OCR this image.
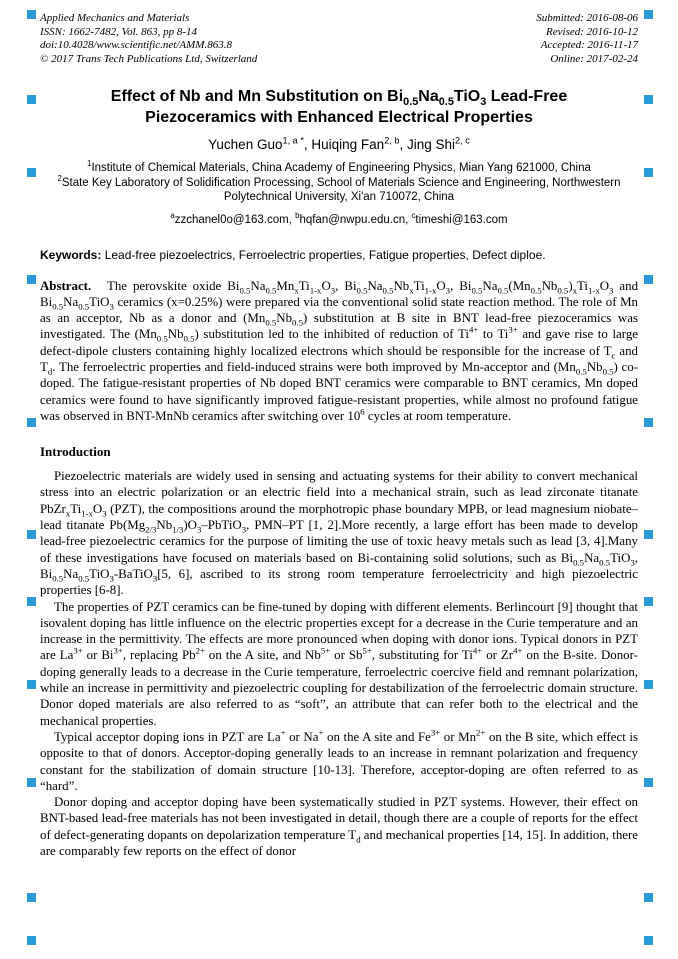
Applied Mechanics and Materials
ISSN: 1662-7482, Vol. 863, pp 8-14
doi:10.4028/www.scientific.net/AMM.863.8
© 2017 Trans Tech Publications Ltd, Switzerland
Submitted: 2016-08-06
Revised: 2016-10-12
Accepted: 2016-11-17
Online: 2017-02-24
Effect of Nb and Mn Substitution on $Bi_{0.5}Na_{0.5}TiO_3$ Lead-Free Piezoceramics with Enhanced Electrical Properties
Yuchen Guo$^{1, a *}$, Huiqing Fan$^{2, b}$, Jing Shi$^{2, c}$
$^1$Institute of Chemical Materials, China Academy of Engineering Physics, Mian Yang 621000, China
$^2$State Key Laboratory of Solidification Processing, School of Materials Science and Engineering, Northwestern Polytechnical University, Xi'an 710072, China
$^a$zzchanel0o@163.com, $^b$hqfan@nwpu.edu.cn, $^c$timeshi@163.com
Keywords: Lead-free piezoelectrics, Ferroelectric properties, Fatigue properties, Defect diploe.

Abstract. The perovskite oxide $Bi_{0.5}Na_{0.5}Mn_xTi_{1-x}O_3$, $Bi_{0.5}Na_{0.5}Nb_xTi_{1-x}O_3$, $Bi_{0.5}Na_{0.5}(Mn_{0.5}Nb_{0.5})_xTi_{1-x}O_3$ and $Bi_{0.5}Na_{0.5}TiO_3$ ceramics (x=0.25%) were prepared via the conventional solid state reaction method. The role of Mn as an acceptor, Nb as a donor and $(Mn_{0.5}Nb_{0.5})$ substitution at B site in BNT lead-free piezoceramics was investigated. The $(Mn_{0.5}Nb_{0.5})$ substitution led to the inhibited of reduction of $Ti^{4+}$ to $Ti^{3+}$ and gave rise to large defect-dipole clusters containing highly localized electrons which should be responsible for the increase of $T_c$ and $T_d$. The ferroelectric properties and field-induced strains were both improved by Mn-acceptor and $(Mn_{0.5}Nb_{0.5})$ co-doped. The fatigue-resistant properties of Nb doped BNT ceramics were comparable to BNT ceramics, Mn doped ceramics were found to have significantly improved fatigue-resistant properties, while almost no profound fatigue was observed in BNT-MnNb ceramics after switching over $10^6$ cycles at room temperature.

Introduction

Piezoelectric materials are widely used in sensing and actuating systems for their ability to convert mechanical stress into an electric polarization or an electric field into a mechanical strain, such as lead zirconate titanate $PbZr_xTi_{1-x}O_3$ (PZT), the compositions around the morphotropic phase boundary MPB, or lead magnesium niobate–lead titanate $Pb(Mg_{2/3}Nb_{1/3})O_3-PbTiO_3$, PMN–PT [1, 2].More recently, a large effort has been made to develop lead-free piezoelectric ceramics for the purpose of limiting the use of toxic heavy metals such as lead [3, 4].Many of these investigations have focused on materials based on Bi-containing solid solutions, such as $Bi_{0.5}Na_{0.5}TiO_3$, $Bi_{0.5}Na_{0.5}TiO_3-BaTiO_3[5$, 6], ascribed to its strong room temperature ferroelectricity and high piezoelectric properties [6-8].

The properties of PZT ceramics can be fine-tuned by doping with different elements. Berlincourt [9] thought that isovalent doping has little influence on the electric properties except for a decrease in the Curie temperature and an increase in the permittivity. The effects are more pronounced when doping with donor ions. Typical donors in PZT are $La^{3+}$ or $Bi^{3+}$, replacing $Pb^{2+}$ on the A site, and $Nb^{5+}$ or $Sb^{5+}$, substituting for $Ti^{4+}$ or $Zr^{4+}$ on the B-site. Donor-doping generally leads to a decrease in the Curie temperature, ferroelectric coercive field and remnant polarization, while an increase in permittivity and piezoelectric coupling for destabilization of the ferroelectric domain structure. Donor doped materials are also referred to as “soft”, an attribute that can refer both to the electrical and the mechanical properties.

Typical acceptor doping ions in PZT are La+ or Na+ on the A site and $Fe^{3+}$ or $Mn^{2+}$ on the B site, which effect is opposite to that of donors. Acceptor-doping generally leads to an increase in remnant polarization and frequency constant for the stabilization of domain structure [10-13]. Therefore, acceptor-doping are often referred to as “hard”.

Donor doping and acceptor doping have been systematically studied in PZT systems. However, their effect on BNT-based lead-free materials has not been investigated in detail, though there are a couple of reports for the effect of defect-generating dopants on depolarization temperature $T_d$ and mechanical properties [14, 15]. In addition, there are comparably few reports on the effect of donor
